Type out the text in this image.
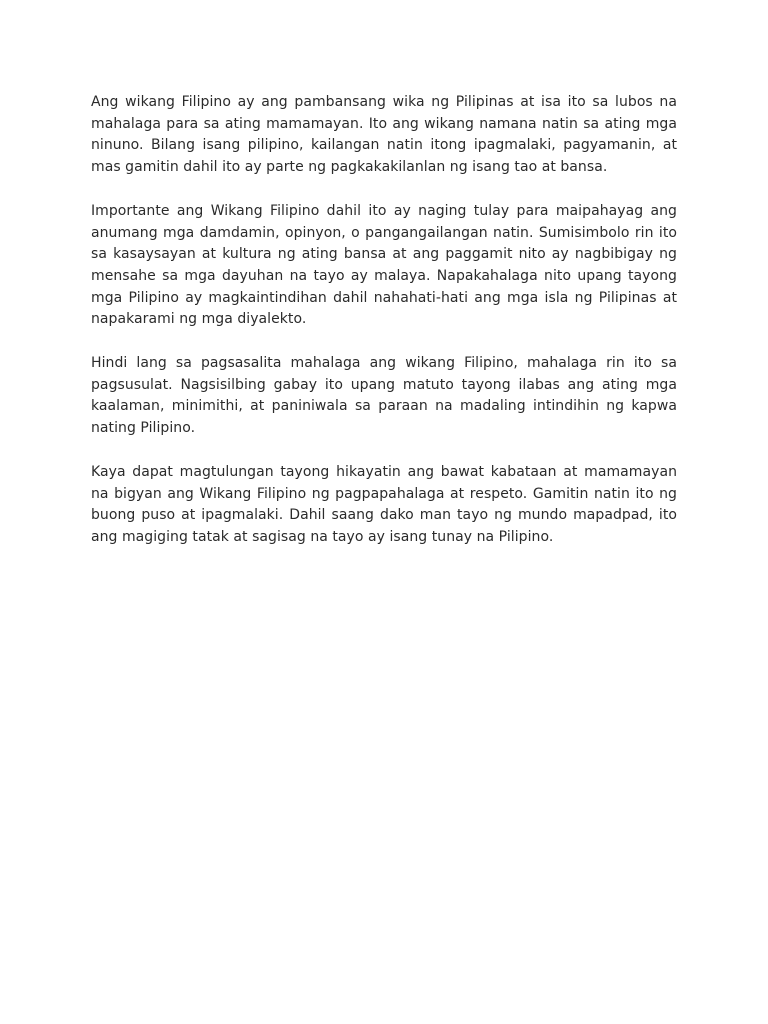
Ang wikang Filipino ay ang pambansang wika ng Pilipinas at isa ito sa lubos na mahalaga para sa ating mamamayan. Ito ang wikang namana natin sa ating mga ninuno. Bilang isang pilipino, kailangan natin itong ipagmalaki, pagyamanin, at mas gamitin dahil ito ay parte ng pagkakakilanlan ng isang tao at bansa.

Importante ang Wikang Filipino dahil ito ay naging tulay para maipahayag ang anumang mga damdamin, opinyon, o pangangailangan natin. Sumisimbolo rin ito sa kasaysayan at kultura ng ating bansa at ang paggamit nito ay nagbibigay ng mensahe sa mga dayuhan na tayo ay malaya. Napakahalaga nito upang tayong mga Pilipino ay magkaintindihan dahil nahahati-hati ang mga isla ng Pilipinas at napakarami ng mga diyalekto.

Hindi lang sa pagsasalita mahalaga ang wikang Filipino, mahalaga rin ito sa pagsusulat. Nagsisilbing gabay ito upang matuto tayong ilabas ang ating mga kaalaman, minimithi, at paniniwala sa paraan na madaling intindihin ng kapwa nating Pilipino.

Kaya dapat magtulungan tayong hikayatin ang bawat kabataan at mamamayan na bigyan ang Wikang Filipino ng pagpapahalaga at respeto. Gamitin natin ito ng buong puso at ipagmalaki. Dahil saang dako man tayo ng mundo mapadpad, ito ang magiging tatak at sagisag na tayo ay isang tunay na Pilipino.
